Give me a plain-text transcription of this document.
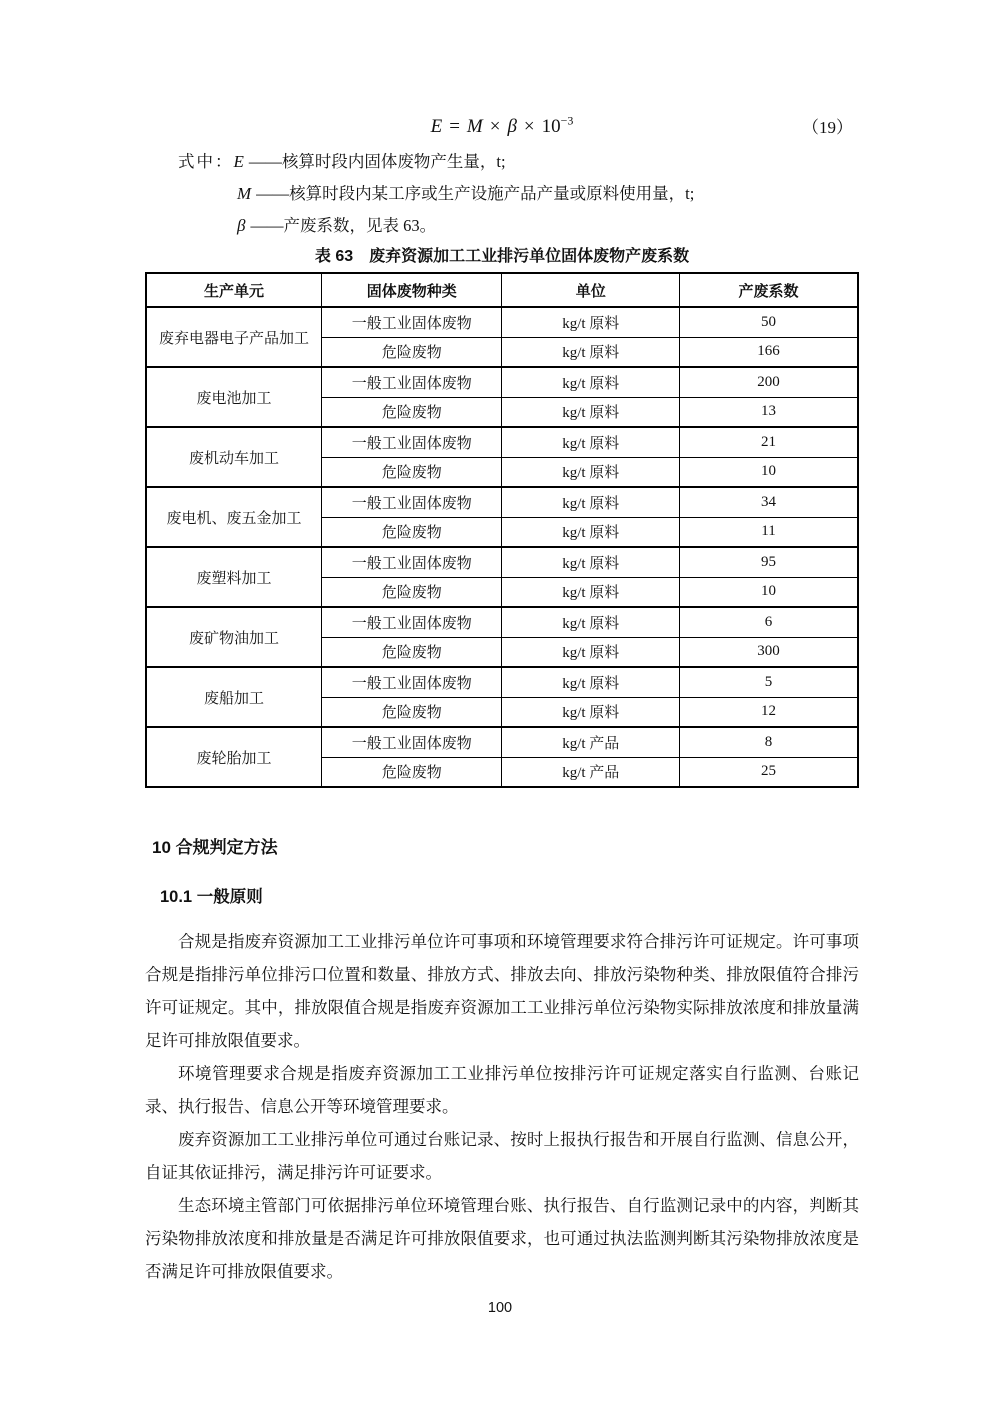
$E = M \times \beta \times 10^{-3}$	（19）
式中：E ——核算时段内固体废物产生量，t;
M ——核算时段内某工序或生产设施产品产量或原料使用量，t;
β ——产废系数，见表 63。
表 63　废弃资源加工工业排污单位固体废物产废系数
生产单元	固体废物种类	单位	产废系数
废弃电器电子产品加工	一般工业固体废物	kg/t 原料	50
	危险废物	kg/t 原料	166
废电池加工	一般工业固体废物	kg/t 原料	200
	危险废物	kg/t 原料	13
废机动车加工	一般工业固体废物	kg/t 原料	21
	危险废物	kg/t 原料	10
废电机、废五金加工	一般工业固体废物	kg/t 原料	34
	危险废物	kg/t 原料	11
废塑料加工	一般工业固体废物	kg/t 原料	95
	危险废物	kg/t 原料	10
废矿物油加工	一般工业固体废物	kg/t 原料	6
	危险废物	kg/t 原料	300
废船加工	一般工业固体废物	kg/t 原料	5
	危险废物	kg/t 原料	12
废轮胎加工	一般工业固体废物	kg/t 产品	8
	危险废物	kg/t 产品	25
10 合规判定方法
10.1 一般原则

合规是指废弃资源加工工业排污单位许可事项和环境管理要求符合排污许可证规定。许可事项合规是指排污单位排污口位置和数量、排放方式、排放去向、排放污染物种类、排放限值符合排污许可证规定。其中，排放限值合规是指废弃资源加工工业排污单位污染物实际排放浓度和排放量满足许可排放限值要求。

环境管理要求合规是指废弃资源加工工业排污单位按排污许可证规定落实自行监测、台账记录、执行报告、信息公开等环境管理要求。

废弃资源加工工业排污单位可通过台账记录、按时上报执行报告和开展自行监测、信息公开，自证其依证排污，满足排污许可证要求。

生态环境主管部门可依据排污单位环境管理台账、执行报告、自行监测记录中的内容，判断其污染物排放浓度和排放量是否满足许可排放限值要求，也可通过执法监测判断其污染物排放浓度是否满足许可排放限值要求。

100
